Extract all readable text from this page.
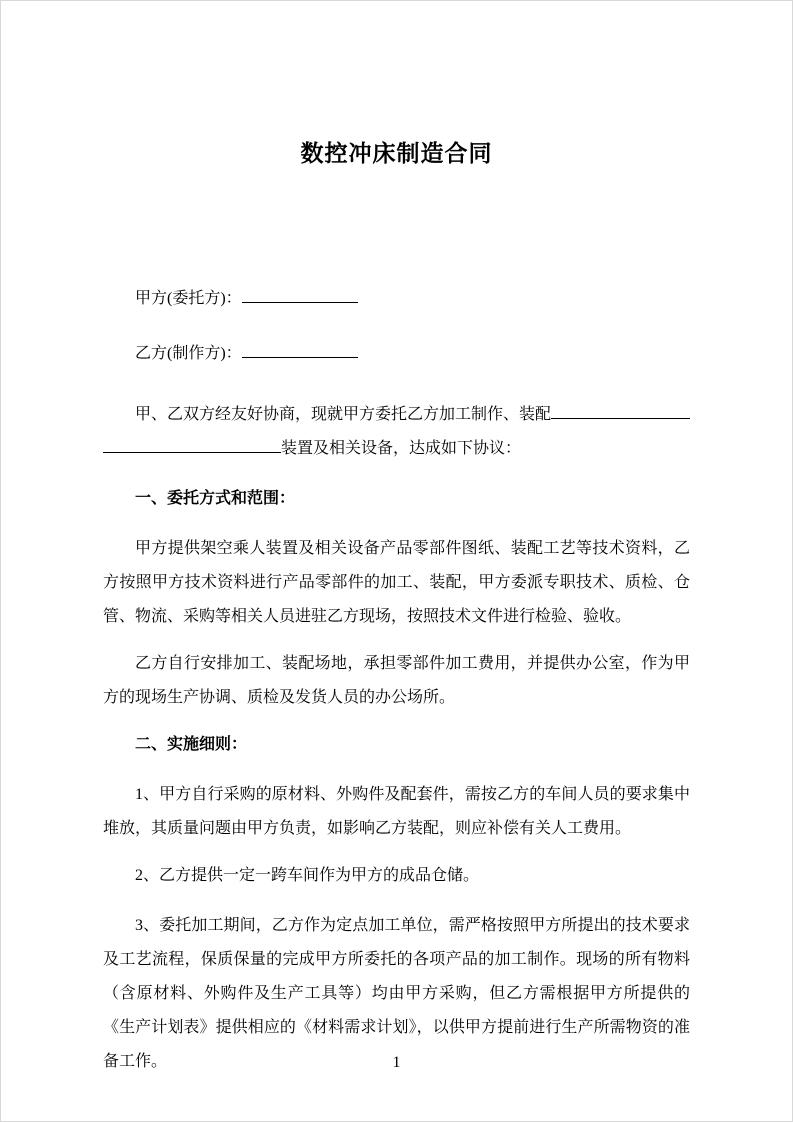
数控冲床制造合同

甲方(委托方)：

乙方(制作方)：

甲、乙双方经友好协商，现就甲方委托乙方加工制作、装配
装置及相关设备，达成如下协议：

一、委托方式和范围：

甲方提供架空乘人装置及相关设备产品零部件图纸、装配工艺等技术资料，乙方按照甲方技术资料进行产品零部件的加工、装配，甲方委派专职技术、质检、仓管、物流、采购等相关人员进驻乙方现场，按照技术文件进行检验、验收。

乙方自行安排加工、装配场地，承担零部件加工费用，并提供办公室，作为甲方的现场生产协调、质检及发货人员的办公场所。

二、实施细则：

1、甲方自行采购的原材料、外购件及配套件，需按乙方的车间人员的要求集中堆放，其质量问题由甲方负责，如影响乙方装配，则应补偿有关人工费用。

2、乙方提供一定一跨车间作为甲方的成品仓储。

3、委托加工期间，乙方作为定点加工单位，需严格按照甲方所提出的技术要求及工艺流程，保质保量的完成甲方所委托的各项产品的加工制作。现场的所有物料（含原材料、外购件及生产工具等）均由甲方采购，但乙方需根据甲方所提供的《生产计划表》提供相应的《材料需求计划》，以供甲方提前进行生产所需物资的准备工作。	1
